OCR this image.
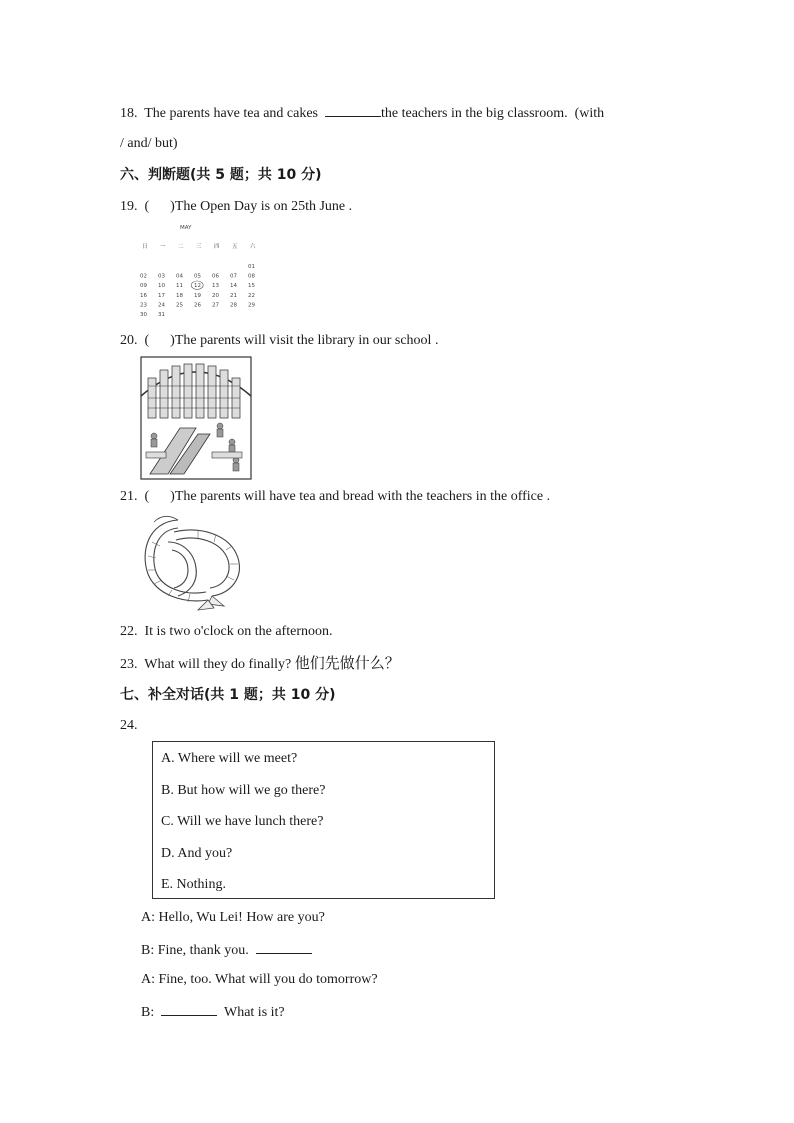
18. The parents have tea and cakes	the teachers in the big classroom. (with
/ and/ but)
六、判断题(共 5 题；共 10 分)
19. (      )The Open Day is on 25th June .
MAY
日 一 二 三 四 五 六
01
02 03 04 05 06 07 08
09 10 11 12 13 14 15
16 17 18 19 20 21 22
23 24 25 26 27 28 29
30 31
20. (      )The parents will visit the library in our school .
21. (      )The parents will have tea and bread with the teachers in the office .
22. It is two o'clock on the afternoon.
23. What will they do finally? 他们先做什么？
七、补全对话(共 1 题；共 10 分)
24.
A. Where will we meet?
B. But how will we go there?
C. Will we have lunch there?
D. And you?
E. Nothing.
A: Hello, Wu Lei! How are you?
B: Fine, thank you.
A: Fine, too. What will you do tomorrow?
B:	What is it?
